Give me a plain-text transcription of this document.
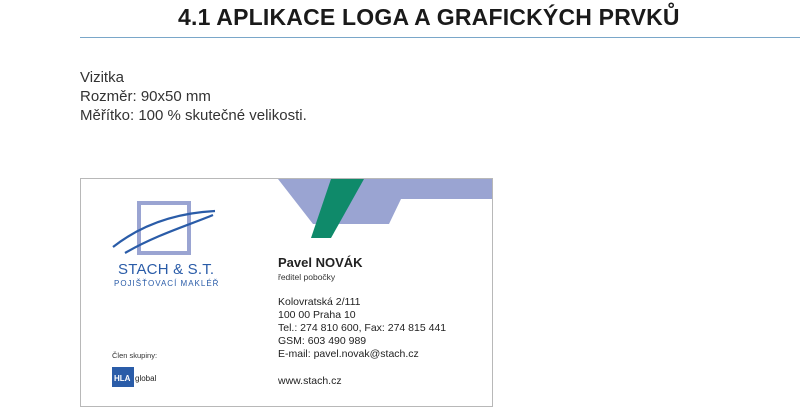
4.1 APLIKACE LOGA A GRAFICKÝCH PRVKŮ
Vizitka
Rozměr: 90x50 mm
Měřítko: 100 % skutečné velikosti.
STACH & S.T.
POJIŠŤOVACÍ MAKLÉŘ
Člen skupiny:
HLA global
Pavel NOVÁK
ředitel pobočky
Kolovratská 2/111
100 00 Praha 10
Tel.: 274 810 600, Fax: 274 815 441
GSM: 603 490 989
E-mail: pavel.novak@stach.cz
www.stach.cz
